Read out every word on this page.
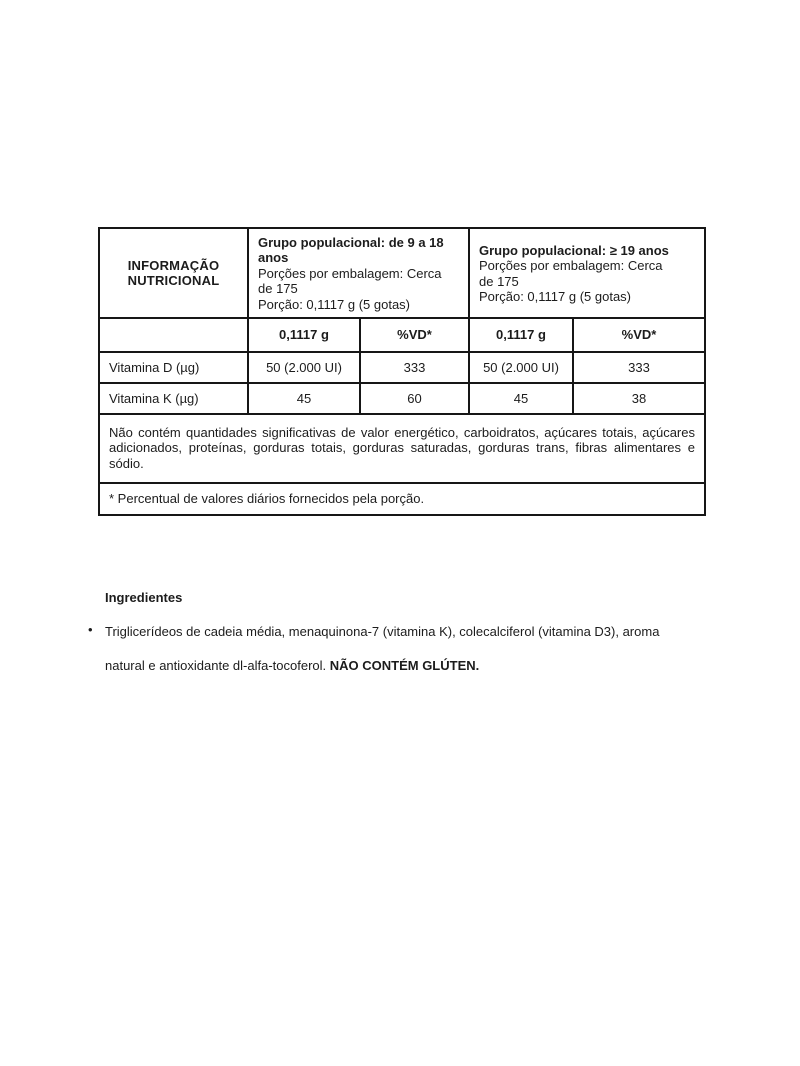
INFORMAÇÃO NUTRICIONAL	
Grupo populacional: de 9 a 18 anos
Porções por embalagem: Cerca de 175
Porção: 0,1117 g (5 gotas)

Grupo populacional: ≥ 19 anos
Porções por embalagem: Cerca de 175
Porção: 0,1117 g (5 gotas)

	0,1117 g	%VD*	0,1117 g	%VD*
Vitamina D (µg)	50 (2.000 UI)	333	50 (2.000 UI)	333
Vitamina K (µg)	45	60	45	38
Não contém quantidades significativas de valor energético, carboidratos, açúcares totais, açúcares adicionados, proteínas, gorduras totais, gorduras saturadas, gorduras trans, fibras alimentares e sódio.				
* Percentual de valores diários fornecidos pela porção.				
Ingredientes
• Triglicerídeos de cadeia média, menaquinona-7 (vitamina K), colecalciferol (vitamina D3), aroma natural e antioxidante dl-alfa-tocoferol. NÃO CONTÉM GLÚTEN.
